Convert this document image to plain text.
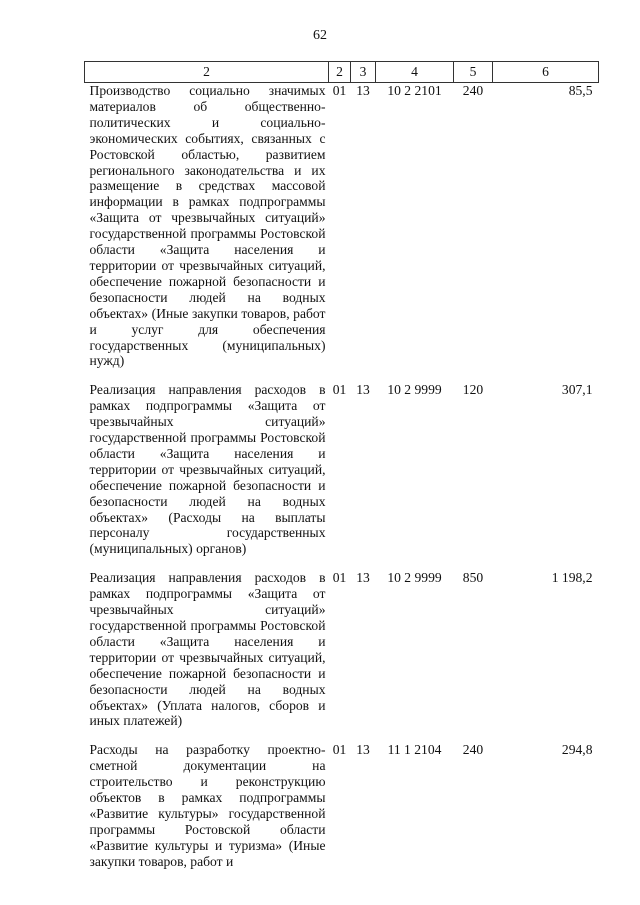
62
2	2	3	4	5	6
Производство социально значимых материалов об общественно-политических и социально-экономических событиях, связанных с Ростовской областью, развитием регионального законодательства и их размещение в средствах массовой информации в рамках подпрограммы «Защита от чрезвычайных ситуаций» государственной программы Ростовской области «Защита населения и территории от чрезвычайных ситуаций, обеспечение пожарной безопасности и безопасности людей на водных объектах» (Иные закупки товаров, работ и услуг для обеспечения государственных (муниципальных) нужд)	01	13	10 2 2101	240	85,5
Реализация направления расходов в рамках подпрограммы «Защита от чрезвычайных ситуаций» государственной программы Ростовской области «Защита населения и территории от чрезвычайных ситуаций, обеспечение пожарной безопасности и безопасности людей на водных объектах» (Расходы на выплаты персоналу государственных (муниципальных) органов)	01	13	10 2 9999	120	307,1
Реализация направления расходов в рамках подпрограммы «Защита от чрезвычайных ситуаций» государственной программы Ростовской области «Защита населения и территории от чрезвычайных ситуаций, обеспечение пожарной безопасности и безопасности людей на водных объектах» (Уплата налогов, сборов и иных платежей)	01	13	10 2 9999	850	1 198,2
Расходы на разработку проектно-сметной документации на строительство и реконструкцию объектов в рамках подпрограммы «Развитие культуры» государственной программы Ростовской области «Развитие культуры и туризма» (Иные закупки товаров, работ и	01	13	11 1 2104	240	294,8
